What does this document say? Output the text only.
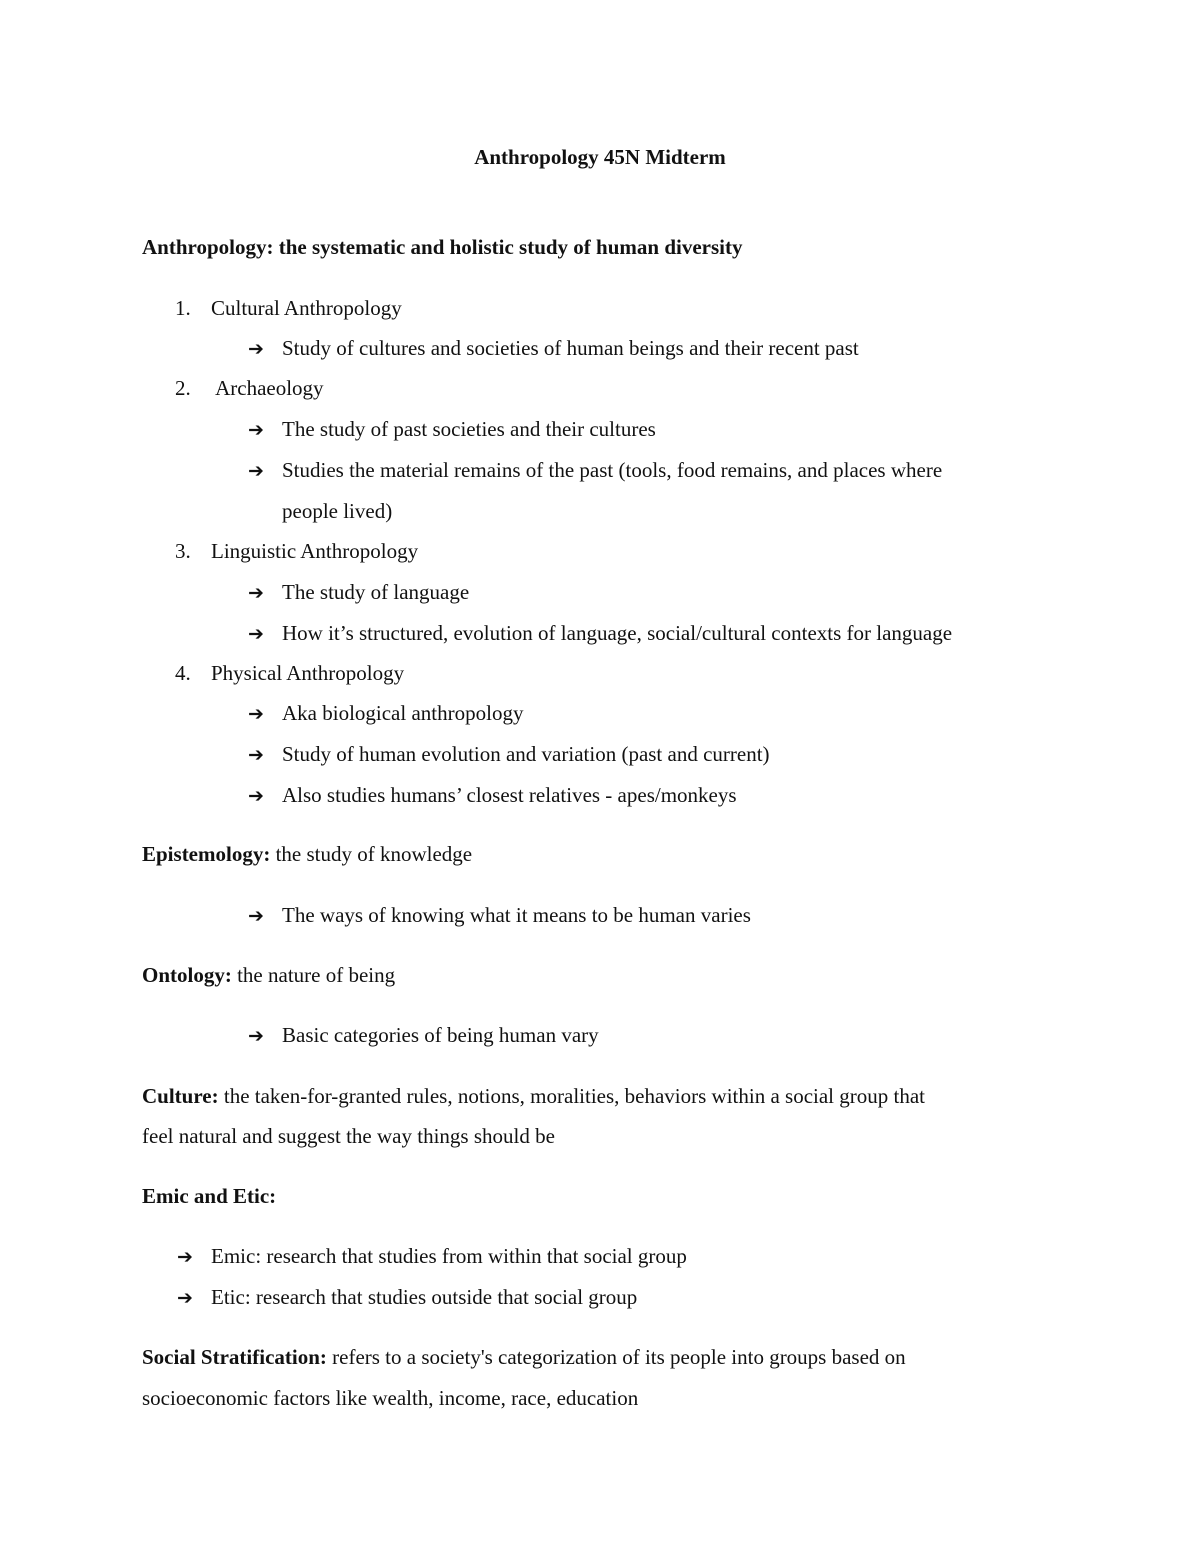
Anthropology 45N Midterm
Anthropology: the systematic and holistic study of human diversity
1. Cultural Anthropology
➔ Study of cultures and societies of human beings and their recent past
2. Archaeology
➔ The study of past societies and their cultures
➔ Studies the material remains of the past (tools, food remains, and places where
people lived)
3. Linguistic Anthropology
➔ The study of language
➔ How it’s structured, evolution of language, social/cultural contexts for language
4. Physical Anthropology
➔ Aka biological anthropology
➔ Study of human evolution and variation (past and current)
➔ Also studies humans’ closest relatives - apes/monkeys
Epistemology: the study of knowledge
➔ The ways of knowing what it means to be human varies
Ontology: the nature of being
➔ Basic categories of being human vary
Culture: the taken-for-granted rules, notions, moralities, behaviors within a social group that
feel natural and suggest the way things should be
Emic and Etic:
➔ Emic: research that studies from within that social group
➔ Etic: research that studies outside that social group
Social Stratification: refers to a society's categorization of its people into groups based on
socioeconomic factors like wealth, income, race, education
